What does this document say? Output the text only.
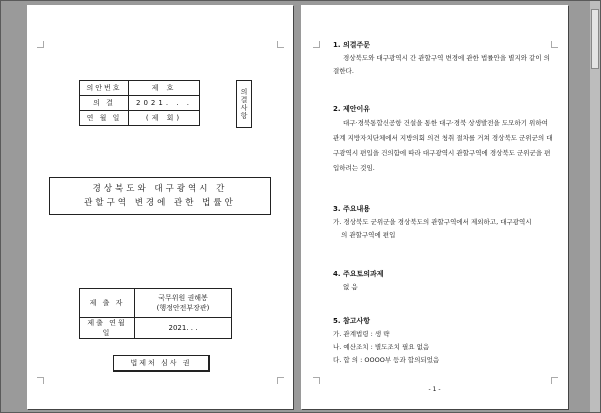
의안번호	제 호
의 결	2021. . .
연 월 일	(제 회)	의결사항
경상북도와 대구광역시 간
관할구역 변경에 관한 법률안
제 출 자	국무위원 권해봉
(행정안전부장관)

제출 연월일	2021. . .
법제처 심사 권
1. 의결주문
경상북도와 대구광역시 간 관할구역 변경에 관한 법률안을 별지와 같이 의결한다.
2. 제안이유
대구·경북통합신공항 건설을 통한 대구·경북 상생발전을 도모하기 위하여 관계 지방자치단체에서 지방의회 의견 청취 절차를 거쳐 경상북도 군위군의 대구광역시 편입을 건의함에 따라 대구광역시 관할구역에 경상북도 군위군을 편입하려는 것임.
3. 주요내용
가. 경상북도 군위군을 경상북도의 관할구역에서 제외하고, 대구광역시
의 관할구역에 편입
4. 주요토의과제
없 음
5. 참고사항
가. 관계법령 : 생 략
나. 예산조치 : 별도조치 필요 없음
다. 합 의 : OOOO부 등과 합의되었음
- 1 -
